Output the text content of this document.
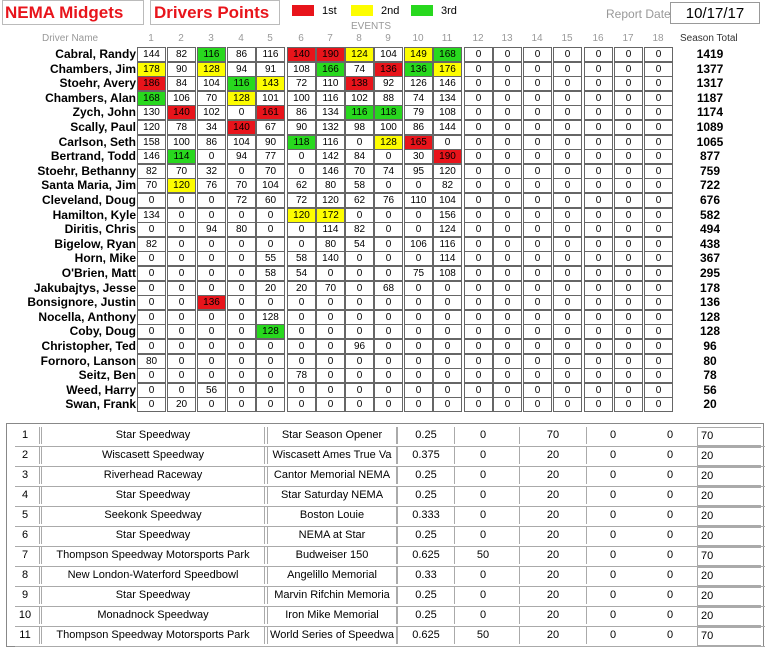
NEMA Midgets	Drivers Points	1st	2nd	3rd	Report Date	10/17/17
EVENTS
Driver Name	1	2	3	4	5	6	7	8	9	10	11	12	13	14	15	16	17	18	Season Total
Cabral, Randy 144	82	116	86	116	140	190	124	104	149	168	0	0	0	0	0	0	0	1419
Chambers, Jim 178	90	128	94	91	108	166	74	136	136	176	0	0	0	0	0	0	0	1377
Stoehr, Avery 186	84	104	116	143	72	110	138	92	126	146	0	0	0	0	0	0	0	1317
Chambers, Alan 168	106	70	128	101	100	116	102	88	74	134	0	0	0	0	0	0	0	1187
Zych, John 130	140	102	0	161	86	134	116	118	79	108	0	0	0	0	0	0	0	1174
Scally, Paul 120	78	34	140	67	90	132	98	100	86	144	0	0	0	0	0	0	0	1089
Carlson, Seth 158	100	86	104	90	118	116	0	128	165	0	0	0	0	0	0	0	0	1065
Bertrand, Todd 146	114	0	94	77	0	142	84	0	30	190	0	0	0	0	0	0	0	877
Stoehr, Bethanny 82	70	32	0	70	0	146	70	74	95	120	0	0	0	0	0	0	0	759
Santa Maria, Jim 70	120	76	70	104	62	80	58	0	0	82	0	0	0	0	0	0	0	722
Cleveland, Doug	0	0	0	72	60	72	120	62	76	110	104	0	0	0	0	0	0	0	676
Hamilton, Kyle 134	0	0	0	0	120	172	0	0	0	156	0	0	0	0	0	0	0	582
Diritis, Chris	0	0	94	80	0	0	114	82	0	0	124	0	0	0	0	0	0	0	494
Bigelow, Ryan 82	0	0	0	0	0	80	54	0	106	116	0	0	0	0	0	0	0	438
Horn, Mike	0	0	0	0	55	58	140	0	0	0	114	0	0	0	0	0	0	0	367
O'Brien, Matt	0	0	0	0	58	54	0	0	0	75	108	0	0	0	0	0	0	0	295
Jakubajtys, Jesse	0	0	0	0	20	20	70	0	68	0	0	0	0	0	0	0	0	0	178
Bonsignore, Justin	0	0	136	0	0	0	0	0	0	0	0	0	0	0	0	0	0	0	136
Nocella, Anthony	0	0	0	0	128	0	0	0	0	0	0	0	0	0	0	0	0	0	128
Coby, Doug	0	0	0	0	128	0	0	0	0	0	0	0	0	0	0	0	0	0	128
Christopher, Ted	0	0	0	0	0	0	0	96	0	0	0	0	0	0	0	0	0	0	96
Fornoro, Lanson 80	0	0	0	0	0	0	0	0	0	0	0	0	0	0	0	0	0	80
Seitz, Ben	0	0	0	0	0	78	0	0	0	0	0	0	0	0	0	0	0	0	78
Weed, Harry	0	0	56	0	0	0	0	0	0	0	0	0	0	0	0	0	0	0	56
Swan, Frank	0	20	0	0	0	0	0	0	0	0	0	0	0	0	0	0	0	0	20
1	Star Speedway	Star Season Opener	0.25	0	70	0	0	70
2	Wiscasett Speedway	Wiscasett Ames True Va	0.375	0	20	0	0	20
3	Riverhead Raceway	Cantor Memorial NEMA	0.25	0	20	0	0	20
4	Star Speedway	Star Saturday NEMA	0.25	0	20	0	0	20
5	Seekonk Speedway	Boston Louie	0.333	0	20	0	0	20
6	Star Speedway	NEMA at Star	0.25	0	20	0	0	20
7	Thompson Speedway Motorsports Park	Budweiser 150	0.625	50	20	0	0	70
8	New London-Waterford Speedbowl	Angelillo Memorial	0.33	0	20	0	0	20
9	Star Speedway	Marvin Rifchin Memoria	0.25	0	20	0	0	20
10	Monadnock Speedway	Iron Mike Memorial	0.25	0	20	0	0	20
11	Thompson Speedway Motorsports Park	World Series of Speedwa	0.625	50	20	0	0	70
